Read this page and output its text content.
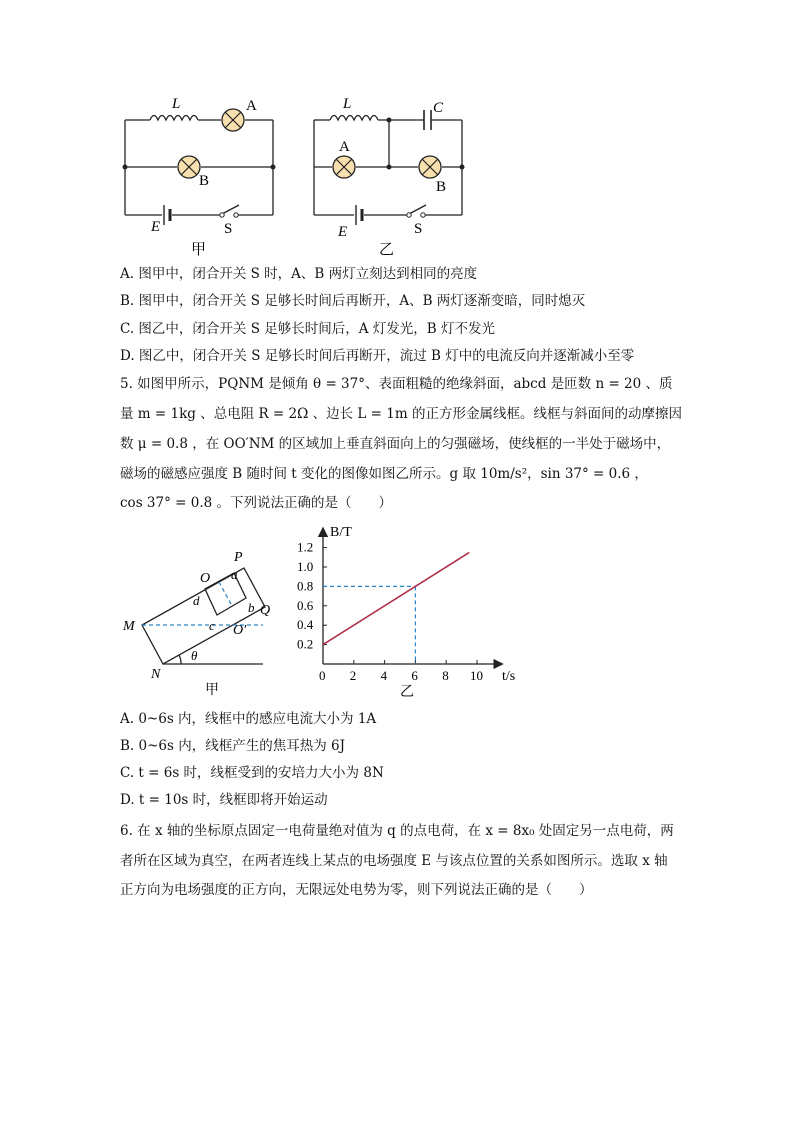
L	A
B
E	S
甲
L	C
A
B
E	S
乙
A. 图甲中，闭合开关 S 时，A、B 两灯立刻达到相同的亮度
B. 图甲中，闭合开关 S 足够长时间后再断开，A、B 两灯逐渐变暗，同时熄灭
C. 图乙中，闭合开关 S 足够长时间后，A 灯发光，B 灯不发光
D. 图乙中，闭合开关 S 足够长时间后再断开，流过 B 灯中的电流反向并逐渐减小至零
5. 如图甲所示，PQNM 是倾角 θ = 37°、表面粗糙的绝缘斜面，abcd 是匝数 n = 20 、质
量 m = 1kg 、总电阻 R = 2Ω 、边长 L = 1m 的正方形金属线框。线框与斜面间的动摩擦因
数 μ = 0.8 ，在 OO′NM 的区域加上垂直斜面向上的匀强磁场，使线框的一半处于磁场中，
磁场的磁感应强度 B 随时间 t 变化的图像如图乙所示。g 取 10m/s²，sin 37° = 0.6 ，
cos 37° = 0.8 。下列说法正确的是（　　）
P
Q
O
O′
M
N
a
b
c
d
θ
甲
0 2 4 6 8 10
0.2
0.4
0.6
0.8
1.0
1.2
B/T
t/s
乙
A. 0~6s 内，线框中的感应电流大小为 1A
B. 0~6s 内，线框产生的焦耳热为 6J
C. t = 6s 时，线框受到的安培力大小为 8N
D. t = 10s 时，线框即将开始运动
6. 在 x 轴的坐标原点固定一电荷量绝对值为 q 的点电荷，在 x = 8x₀ 处固定另一点电荷，两
者所在区域为真空，在两者连线上某点的电场强度 E 与该点位置的关系如图所示。选取 x 轴
正方向为电场强度的正方向，无限远处电势为零，则下列说法正确的是（　　）
